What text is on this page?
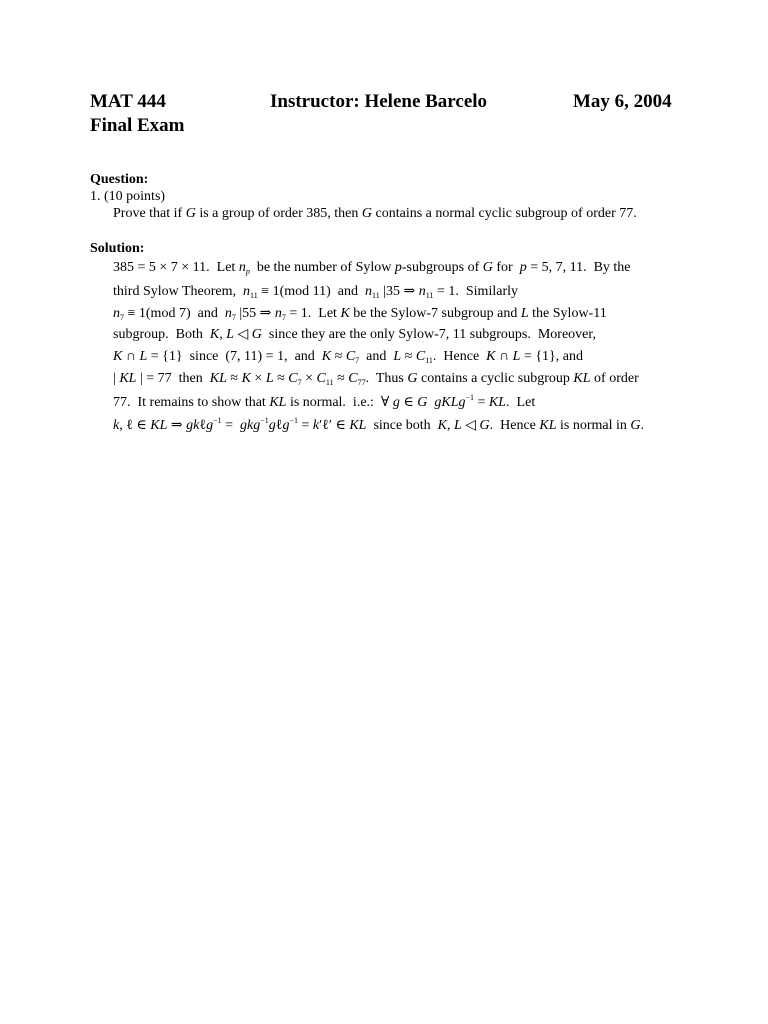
MAT 444	Instructor: Helene Barcelo	May 6, 2004
Final Exam
Question:
1. (10 points)
Prove that if G is a group of order 385, then G contains a normal cyclic subgroup of order 77.
Solution:
385 = 5 × 7 × 11.  Let $n_p$  be the number of Sylow p-subgroups of G for  p = 5, 7, 11.  By the
third Sylow Theorem,  $n_{11} \equiv 1(mod$ 11)  and  $n_{11}$ |35 ⇒ $n_{11} = 1$.  Similarly
$n_7 \equiv 1(mod$ 7)  and  $n_7$ |55 ⇒ $n_7 = 1$.  Let K be the Sylow-7 subgroup and L the Sylow-11
subgroup.  Both  K, L ◁ G  since they are the only Sylow-7, 11 subgroups.  Moreover,
K ∩ L = {1}  since  (7, 11) = 1,  and  $K \approx C_7$  and  $L \approx C_{11}$.  Hence  K ∩ L = {1}, and
| KL | = 77  then  KL ≈ $K \times L \approx C_7 \times C_{11} \approx C_{77}$.  Thus G contains a cyclic subgroup KL of order
77.  It remains to show that KL is normal.  i.e.:  ∀ g ∈ G gKLg$^{-1}$ = KL.  Let
k, ℓ ∈ KL ⇒ gkℓg$^{-1}$ =  gkg$^{-1}$gℓg$^{-1}$ = k′ℓ′ ∈ KL  since both  K, L ◁ G.  Hence KL is normal in G.
